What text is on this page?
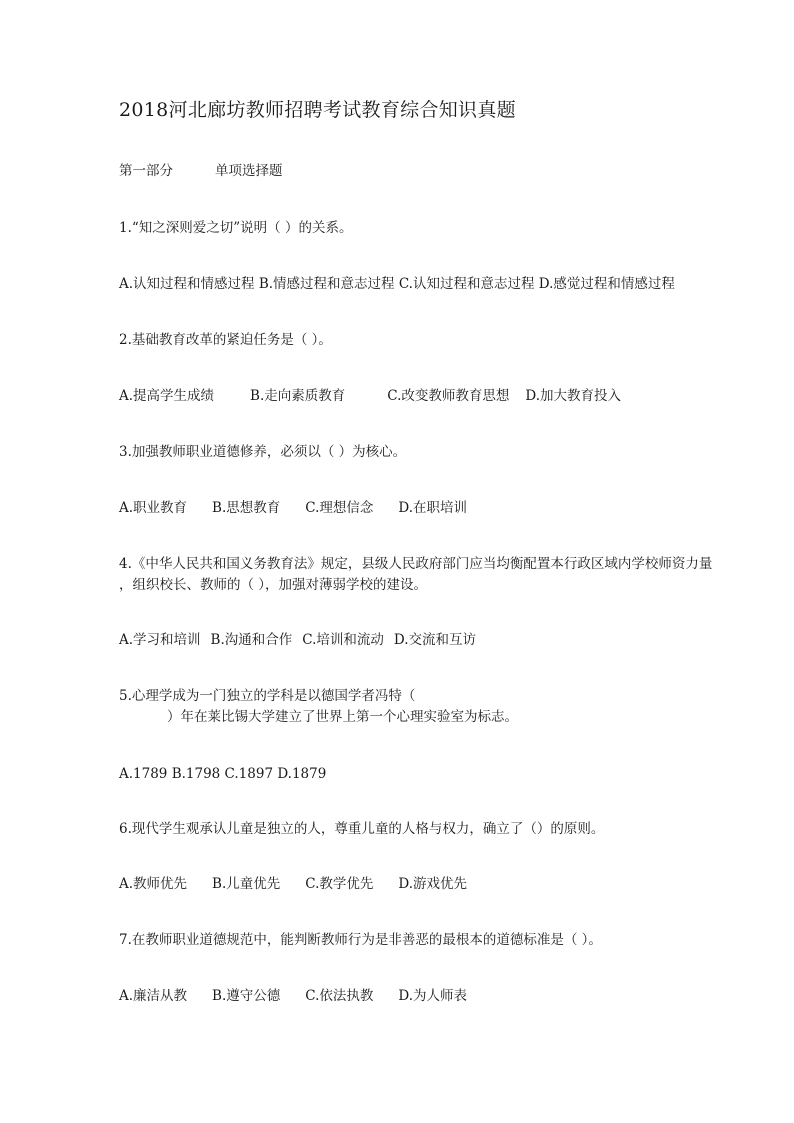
2018河北廊坊教师招聘考试教育综合知识真题
第一部分	单项选择题
1.“知之深则爱之切”说明（ ）的关系。
A.认知过程和情感过程 B.情感过程和意志过程 C.认知过程和意志过程 D.感觉过程和情感过程
2.基础教育改革的紧迫任务是（ ）。
A.提高学生成绩	B.走向素质教育	C.改变教师教育思想 D.加大教育投入
3.加强教师职业道德修养，必须以（ ）为核心。
A.职业教育 B.思想教育 C.理想信念 D.在职培训
4.《中华人民共和国义务教育法》规定，县级人民政府部门应当均衡配置本行政区域内学校师资力量
，组织校长、教师的（ ），加强对薄弱学校的建设。
A.学习和培训 B.沟通和合作 C.培训和流动 D.交流和互访
5.心理学成为一门独立的学科是以德国学者冯特（
）年在莱比锡大学建立了世界上第一个心理实验室为标志。
A.1789 B.1798 C.1897 D.1879
6.现代学生观承认儿童是独立的人，尊重儿童的人格与权力，确立了（）的原则。
A.教师优先 B.儿童优先 C.教学优先 D.游戏优先
7.在教师职业道德规范中，能判断教师行为是非善恶的最根本的道德标准是（ ）。
A.廉洁从教 B.遵守公德 C.依法执教 D.为人师表
